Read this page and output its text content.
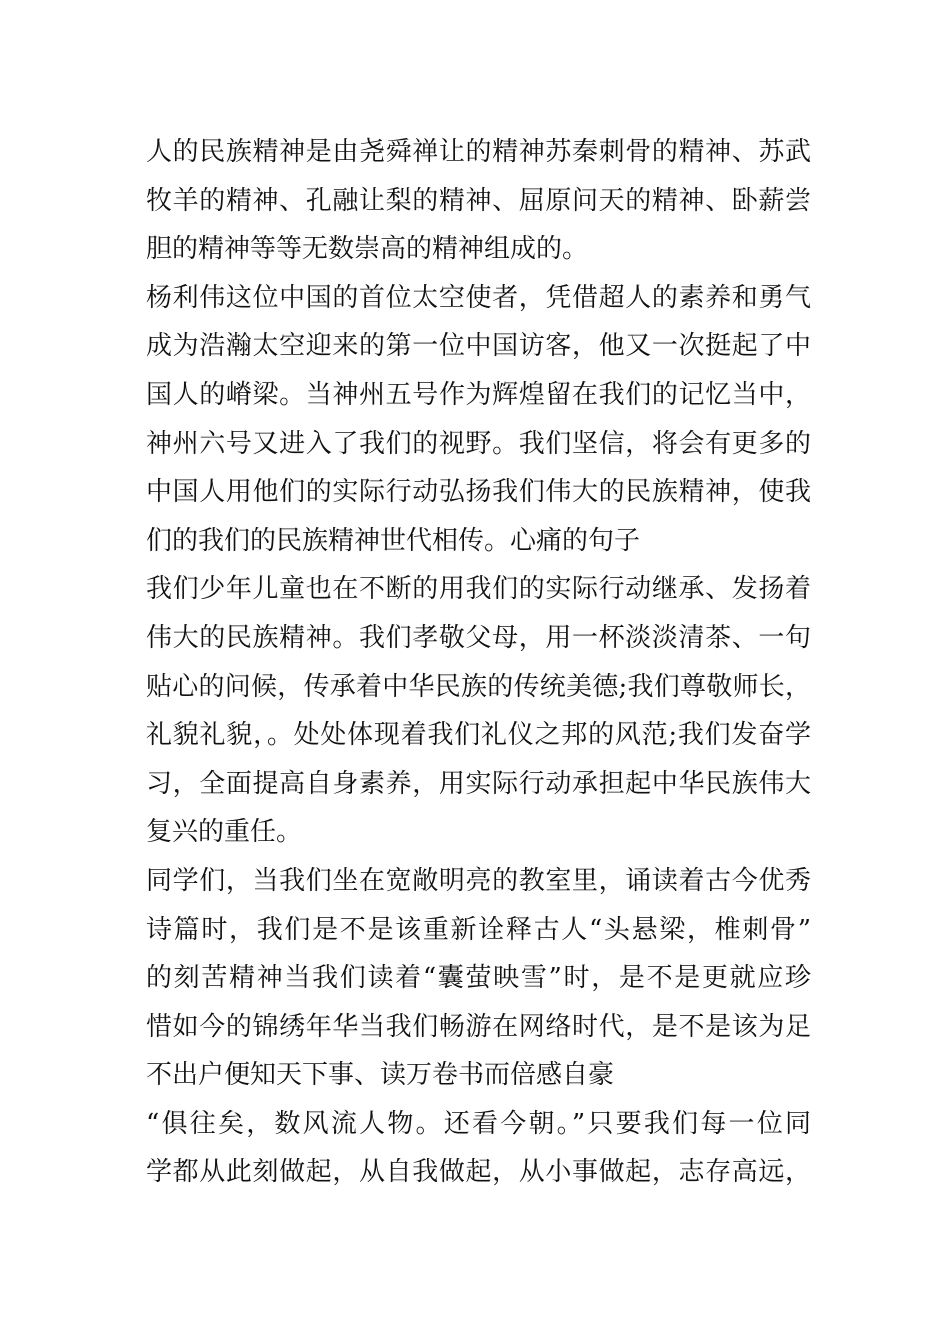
人的民族精神是由尧舜禅让的精神苏秦刺骨的精神、苏武
牧羊的精神、孔融让梨的精神、屈原问天的精神、卧薪尝
胆的精神等等无数崇高的精神组成的。
杨利伟这位中国的首位太空使者，凭借超人的素养和勇气
成为浩瀚太空迎来的第一位中国访客，他又一次挺起了中
国人的嵴梁。当神州五号作为辉煌留在我们的记忆当中，
神州六号又进入了我们的视野。我们坚信，将会有更多的
中国人用他们的实际行动弘扬我们伟大的民族精神，使我
们的我们的民族精神世代相传。心痛的句子
我们少年儿童也在不断的用我们的实际行动继承、发扬着
伟大的民族精神。我们孝敬父母，用一杯淡淡清茶、一句
贴心的问候，传承着中华民族的传统美德;我们尊敬师长，
礼貌礼貌，。处处体现着我们礼仪之邦的风范;我们发奋学
习，全面提高自身素养，用实际行动承担起中华民族伟大
复兴的重任。
同学们，当我们坐在宽敞明亮的教室里，诵读着古今优秀
诗篇时，我们是不是该重新诠释古人“头悬梁，椎刺骨”
的刻苦精神当我们读着“囊萤映雪”时，是不是更就应珍
惜如今的锦绣年华当我们畅游在网络时代，是不是该为足
不出户便知天下事、读万卷书而倍感自豪
“俱往矣，数风流人物。还看今朝。”只要我们每一位同
学都从此刻做起，从自我做起，从小事做起，志存高远，
